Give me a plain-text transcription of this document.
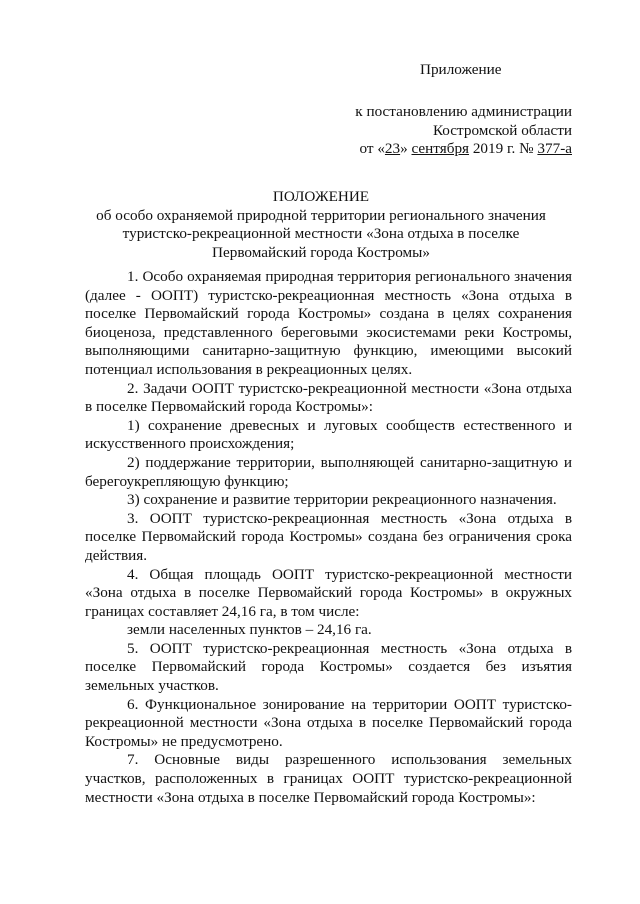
Приложение
к постановлению администрации
Костромской области
от «23» сентября 2019 г. № 377-а
ПОЛОЖЕНИЕ
об особо охраняемой природной территории регионального значения
туристско-рекреационной местности «Зона отдыха в поселке
Первомайский города Костромы»

1. Особо охраняемая природная территория регионального значения (далее - ООПТ) туристско-рекреационная местность «Зона отдыха в поселке Первомайский города Костромы» создана в целях сохранения биоценоза, представленного береговыми экосистемами реки Костромы, выполняющими санитарно-защитную функцию, имеющими высокий потенциал использования в рекреационных целях.

2. Задачи ООПТ туристско-рекреационной местности «Зона отдыха в поселке Первомайский города Костромы»:

1) сохранение древесных и луговых сообществ естественного и искусственного происхождения;

2) поддержание территории, выполняющей санитарно-защитную и берегоукрепляющую функцию;

3) сохранение и развитие территории рекреационного назначения.

3. ООПТ туристско-рекреационная местность «Зона отдыха в поселке Первомайский города Костромы» создана без ограничения срока действия.

4. Общая площадь ООПТ туристско-рекреационной местности «Зона отдыха в поселке Первомайский города Костромы» в окружных границах составляет 24,16 га, в том числе:

земли населенных пунктов – 24,16 га.

5. ООПТ туристско-рекреационная местность «Зона отдыха в поселке Первомайский города Костромы» создается без изъятия земельных участков.

6. Функциональное зонирование на территории ООПТ туристско-рекреационной местности «Зона отдыха в поселке Первомайский города Костромы» не предусмотрено.

7. Основные виды разрешенного использования земельных участков, расположенных в границах ООПТ туристско-рекреационной местности «Зона отдыха в поселке Первомайский города Костромы»:
